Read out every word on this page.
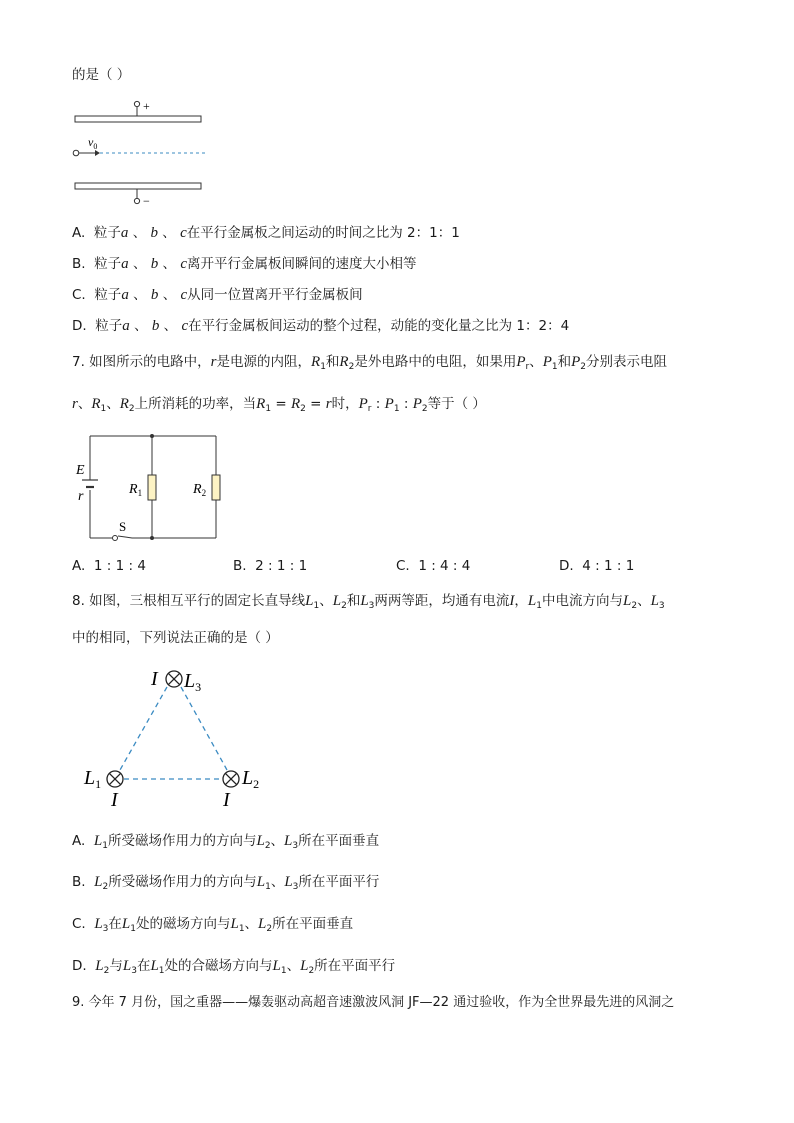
的是（ ）
+
−
$v_0$
A. 粒子a 、 b 、 c在平行金属板之间运动的时间之比为 2：1：1
B. 粒子a 、 b 、 c离开平行金属板间瞬间的速度大小相等
C. 粒子a 、 b 、 c从同一位置离开平行金属板间
D. 粒子a 、 b 、 c在平行金属板间运动的整个过程，动能的变化量之比为 1：2：4
7. 如图所示的电路中，r是电源的内阻，$R_1$和$R_2$是外电路中的电阻，如果用$P_r$、$P_1$和$P_2$分别表示电阻
r、$R_1$、$R_2$上所消耗的功率，当$R_1 = R_2 = r$时，$P_r$ : $P_1$ : $P_2$等于（ ）
E
r	$R_1$	$R_2$
S
A. 1 : 1 : 4	B. 2 : 1 : 1	C. 1 : 4 : 4	D. 4 : 1 : 1
8. 如图，三根相互平行的固定长直导线$L_1$、$L_2$和$L_3$两两等距，均通有电流I，$L_1$中电流方向与$L_2$、$L_3$
中的相同，下列说法正确的是（ ）
I $L_3$
$L_1$
I
$L_2$
I
A. $L_1$所受磁场作用力的方向与$L_2$、$L_3$所在平面垂直
B. $L_2$所受磁场作用力的方向与$L_1$、$L_3$所在平面平行
C. $L_3$在$L_1$处的磁场方向与$L_1$、$L_2$所在平面垂直
D. $L_2$与$L_3$在$L_1$处的合磁场方向与$L_1$、$L_2$所在平面平行
9. 今年 7 月份，国之重器——爆轰驱动高超音速激波风洞 JF—22 通过验收，作为全世界最先进的风洞之
